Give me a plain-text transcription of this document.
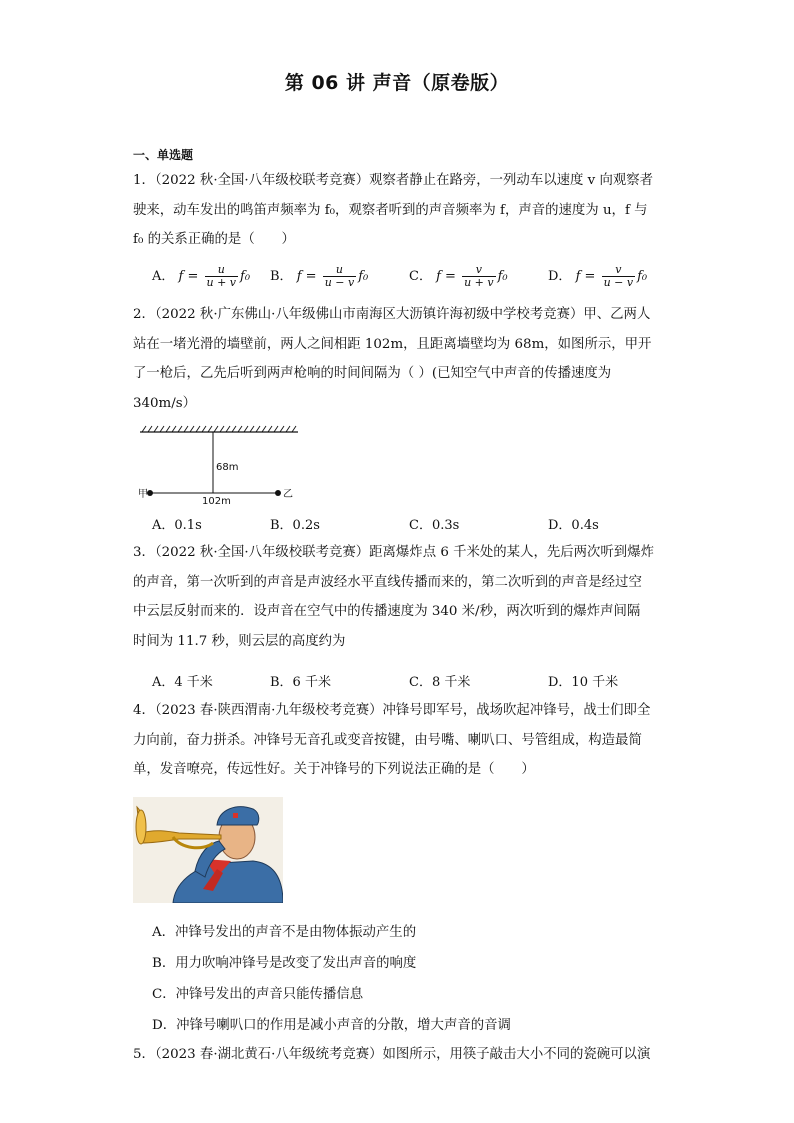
第 06 讲 声音（原卷版）
一、单选题
1．（2022 秋·全国·八年级校联考竞赛）观察者静止在路旁，一列动车以速度 v 向观察者
驶来，动车发出的鸣笛声频率为 f₀，观察者听到的声音频率为 f，声音的速度为 u，f 与
f₀ 的关系正确的是（　　）
A． $f = \frac{u}{u + v} f_0$ B． $f = \frac{u}{u - v} f_0$	C． $f = \frac{v}{u + v} f_0$	D． $f = \frac{v}{u - v} f_0$
2．（2022 秋·广东佛山·八年级佛山市南海区大沥镇许海初级中学校考竞赛）甲、乙两人
站在一堵光滑的墙壁前，两人之间相距 102m，且距离墙壁均为 68m，如图所示，甲开
了一枪后，乙先后听到两声枪响的时间间隔为（ ）(已知空气中声音的传播速度为
340m/s）
68m
102m
甲	乙
A．0.1s	B．0.2s	C．0.3s	D．0.4s
3．（2022 秋·全国·八年级校联考竞赛）距离爆炸点 6 千米处的某人，先后两次听到爆炸
的声音，第一次听到的声音是声波经水平直线传播而来的，第二次听到的声音是经过空
中云层反射而来的．设声音在空气中的传播速度为 340 米/秒，两次听到的爆炸声间隔
时间为 11.7 秒，则云层的高度约为
A．4 千米	B．6 千米	C．8 千米	D．10 千米
4．（2023 春·陕西渭南·九年级校考竞赛）冲锋号即军号，战场吹起冲锋号，战士们即全
力向前，奋力拼杀。冲锋号无音孔或变音按键，由号嘴、喇叭口、号管组成，构造最简
单，发音嘹亮，传远性好。关于冲锋号的下列说法正确的是（　　）
A．冲锋号发出的声音不是由物体振动产生的
B．用力吹响冲锋号是改变了发出声音的响度
C．冲锋号发出的声音只能传播信息
D．冲锋号喇叭口的作用是减小声音的分散，增大声音的音调
5．（2023 春·湖北黄石·八年级统考竞赛）如图所示，用筷子敲击大小不同的瓷碗可以演
